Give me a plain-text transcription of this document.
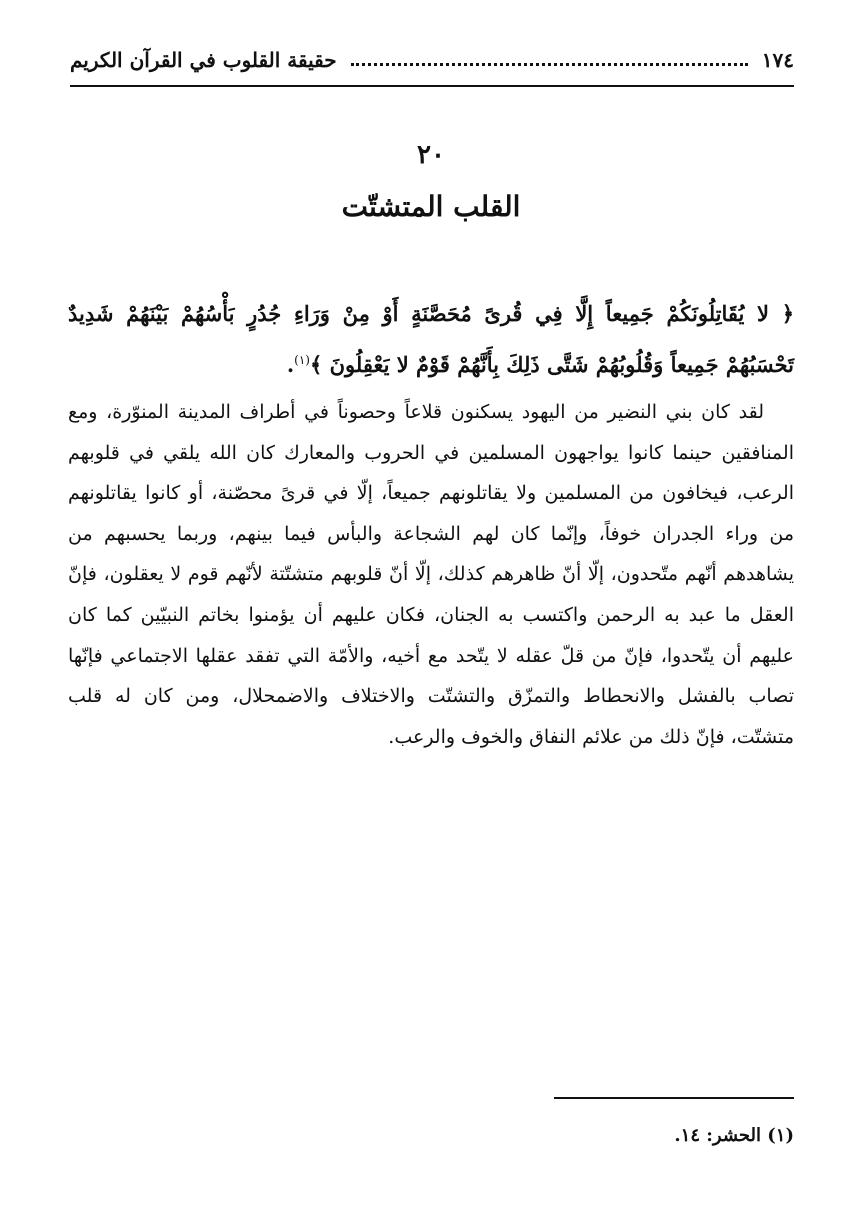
١٧٤
حقيقة القلوب في القرآن الكريم
٢٠
القلب المتشتّت
﴿ لا يُقَاتِلُونَكُمْ جَمِيعاً إِلَّا فِي قُرىً مُحَصَّنَةٍ أَوْ مِنْ وَرَاءِ جُدُرٍ بَأْسُهُمْ بَيْنَهُمْ شَدِيدٌ تَحْسَبُهُمْ جَمِيعاً وَقُلُوبُهُمْ شَتَّى ذَلِكَ بِأَنَّهُمْ قَوْمٌ لا يَعْقِلُونَ ﴾$^{(١)}$.

لقد كان بني النضير من اليهود يسكنون قلاعاً وحصوناً في أطراف المدينة المنوّرة، ومع المنافقين حينما كانوا يواجهون المسلمين في الحروب والمعارك كان الله يلقي في قلوبهم الرعب، فيخافون من المسلمين ولا يقاتلونهم جميعاً، إلّا في قرىً محصّنة، أو كانوا يقاتلونهم من وراء الجدران خوفاً، وإنّما كان لهم الشجاعة والبأس فيما بينهم، وربما يحسبهم من يشاهدهم أنّهم متّحدون، إلّا أنّ ظاهرهم كذلك، إلّا أنّ قلوبهم متشتّتة لأنّهم قوم لا يعقلون، فإنّ العقل ما عبد به الرحمن واكتسب به الجنان، فكان عليهم أن يؤمنوا بخاتم النبيّين كما كان عليهم أن يتّحدوا، فإنّ من قلّ عقله لا يتّحد مع أخيه، والأمّة التي تفقد عقلها الاجتماعي فإنّها تصاب بالفشل والانحطاط والتمزّق والتشتّت والاختلاف والاضمحلال، ومن كان له قلب متشتّت، فإنّ ذلك من علائم النفاق والخوف والرعب.

(١) الحشر: ١٤.
